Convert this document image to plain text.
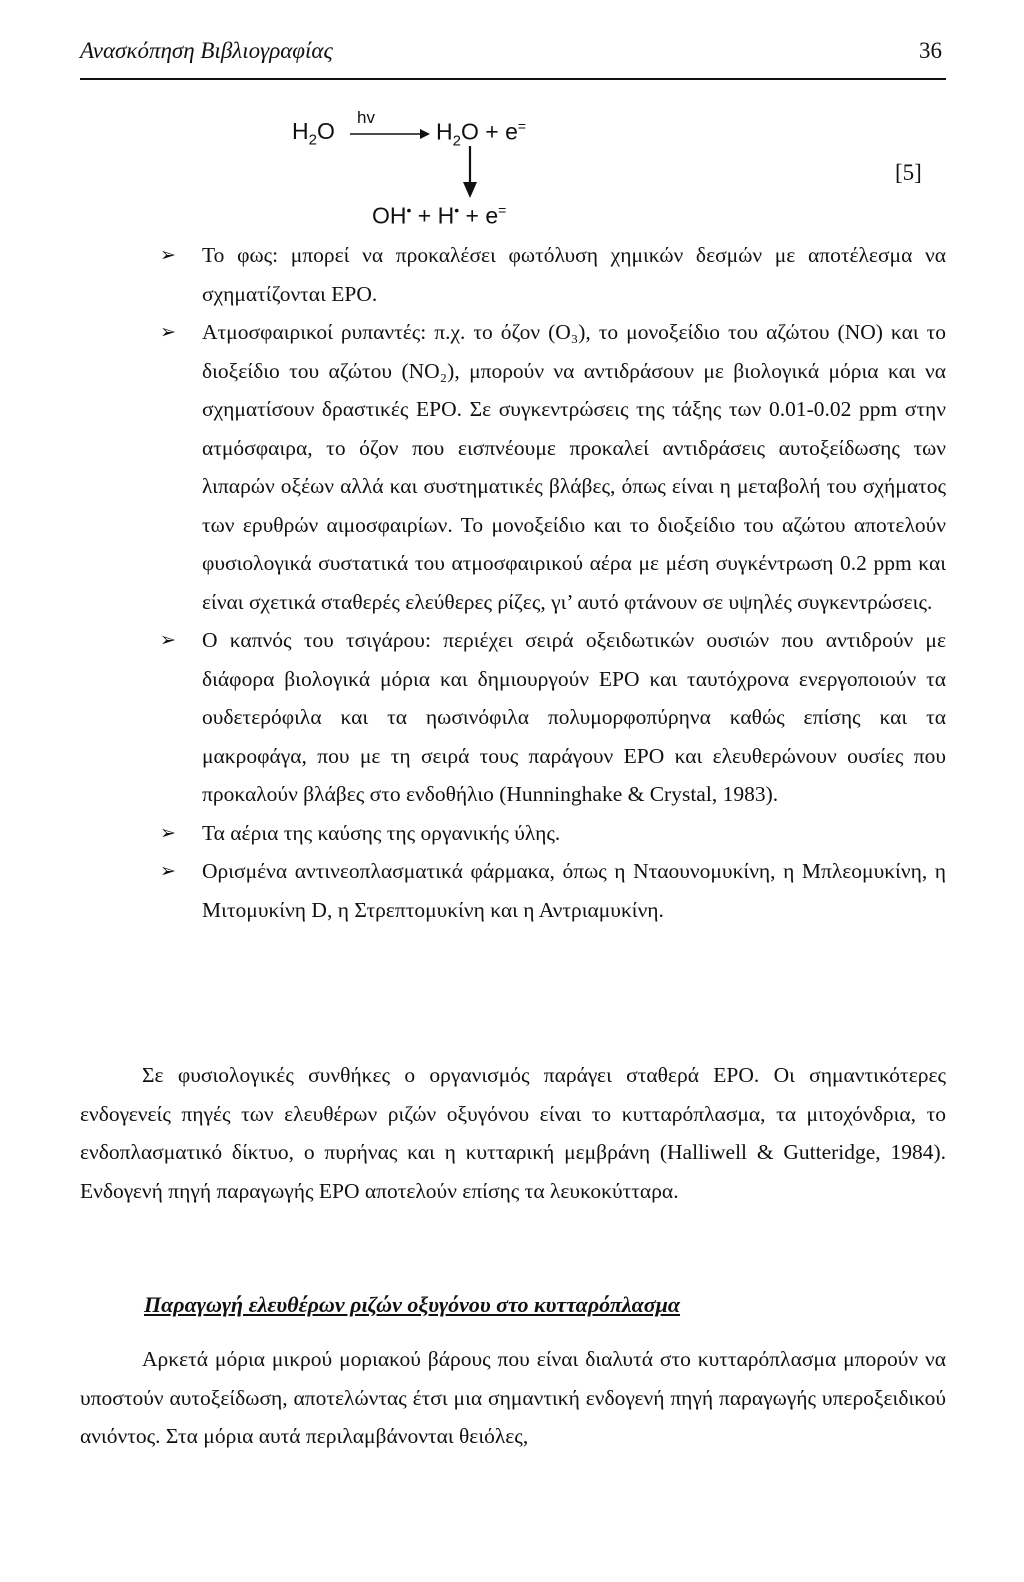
Ανασκόπηση Βιβλιογραφίας	36
$H_2O$
hv
$H_2O + e^=$
[5]
OH• + H• + e=
➢ Το φως: μπορεί να προκαλέσει φωτόλυση χημικών δεσμών με αποτέλεσμα να σχηματίζονται ΕΡΟ.
➢ Ατμοσφαιρικοί ρυπαντές: π.χ. το όζον (O₃), το μονοξείδιο του αζώτου (NO) και το διοξείδιο του αζώτου (NO₂), μπορούν να αντιδράσουν με βιολογικά μόρια και να σχηματίσουν δραστικές ΕΡΟ. Σε συγκεντρώσεις της τάξης των 0.01-0.02 ppm στην ατμόσφαιρα, το όζον που εισπνέουμε προκαλεί αντιδράσεις αυτοξείδωσης των λιπαρών οξέων αλλά και συστηματικές βλάβες, όπως είναι η μεταβολή του σχήματος των ερυθρών αιμοσφαιρίων. Το μονοξείδιο και το διοξείδιο του αζώτου αποτελούν φυσιολογικά συστατικά του ατμοσφαιρικού αέρα με μέση συγκέντρωση 0.2 ppm και είναι σχετικά σταθερές ελεύθερες ρίζες, γι’ αυτό φτάνουν σε υψηλές συγκεντρώσεις.
➢ Ο καπνός του τσιγάρου: περιέχει σειρά οξειδωτικών ουσιών που αντιδρούν με διάφορα βιολογικά μόρια και δημιουργούν ΕΡΟ και ταυτόχρονα ενεργοποιούν τα ουδετερόφιλα και τα ηωσινόφιλα πολυμορφοπύρηνα καθώς επίσης και τα μακροφάγα, που με τη σειρά τους παράγουν ΕΡΟ και ελευθερώνουν ουσίες που προκαλούν βλάβες στο ενδοθήλιο (Hunninghake & Crystal, 1983).
➢ Τα αέρια της καύσης της οργανικής ύλης.
➢ Ορισμένα αντινεοπλασματικά φάρμακα, όπως η Νταουνομυκίνη, η Μπλεομυκίνη, η Μιτομυκίνη D, η Στρεπτομυκίνη και η Αντριαμυκίνη.

Σε φυσιολογικές συνθήκες ο οργανισμός παράγει σταθερά ΕΡΟ. Οι σημαντικότερες ενδογενείς πηγές των ελευθέρων ριζών οξυγόνου είναι το κυτταρόπλασμα, τα μιτοχόνδρια, το ενδοπλασματικό δίκτυο, ο πυρήνας και η κυτταρική μεμβράνη (Halliwell & Gutteridge, 1984). Ενδογενή πηγή παραγωγής ΕΡΟ αποτελούν επίσης τα λευκοκύτταρα.

Παραγωγή ελευθέρων ριζών οξυγόνου στο κυτταρόπλασμα

Αρκετά μόρια μικρού μοριακού βάρους που είναι διαλυτά στο κυτταρόπλασμα μπορούν να υποστούν αυτοξείδωση, αποτελώντας έτσι μια σημαντική ενδογενή πηγή παραγωγής υπεροξειδικού ανιόντος. Στα μόρια αυτά περιλαμβάνονται θειόλες,
